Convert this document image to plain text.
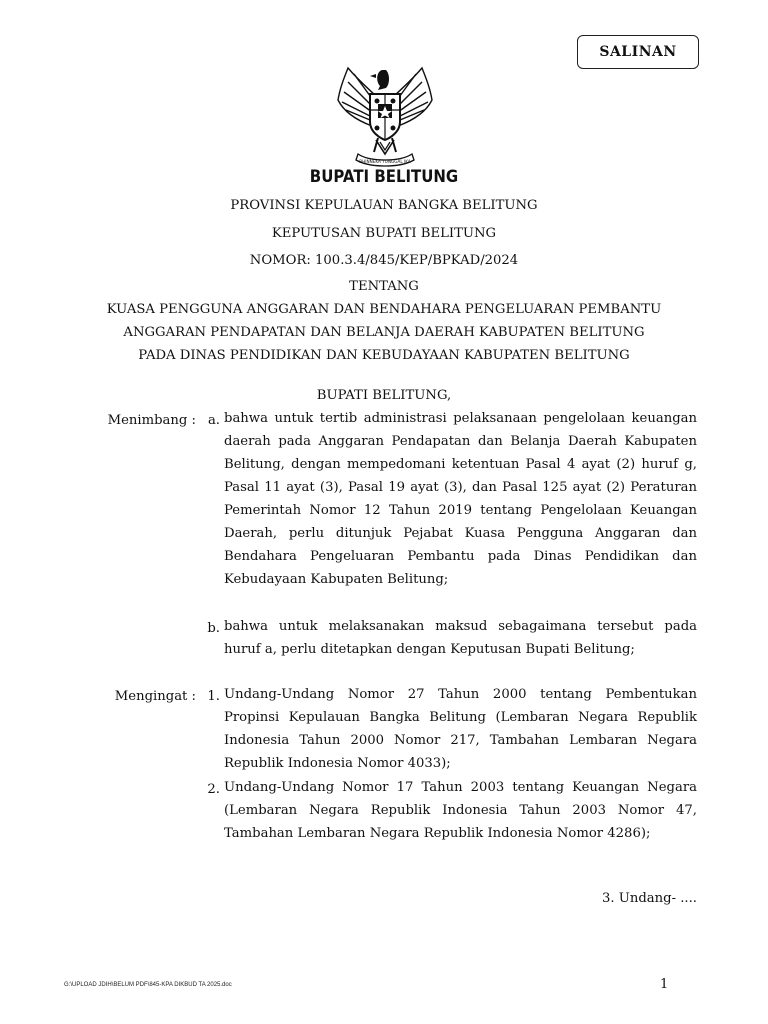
SALINAN
BHINNEKA TUNGGAL IKA
BUPATI BELITUNG
PROVINSI KEPULAUAN BANGKA BELITUNG
KEPUTUSAN BUPATI BELITUNG
NOMOR: 100.3.4/845/KEP/BPKAD/2024
TENTANG
KUASA PENGGUNA ANGGARAN DAN BENDAHARA PENGELUARAN PEMBANTU
ANGGARAN PENDAPATAN DAN BELANJA DAERAH KABUPATEN BELITUNG
PADA DINAS PENDIDIKAN DAN KEBUDAYAAN KABUPATEN BELITUNG
BUPATI BELITUNG,
Menimbang : a. bahwa untuk tertib administrasi pelaksanaan pengelolaan keuangan daerah pada Anggaran Pendapatan dan Belanja Daerah Kabupaten Belitung, dengan mempedomani ketentuan Pasal 4 ayat (2) huruf g, Pasal 11 ayat (3), Pasal 19 ayat (3), dan Pasal 125 ayat (2) Peraturan Pemerintah Nomor 12 Tahun 2019 tentang Pengelolaan Keuangan Daerah, perlu ditunjuk Pejabat Kuasa Pengguna Anggaran dan Bendahara Pengeluaran Pembantu pada Dinas Pendidikan dan Kebudayaan Kabupaten Belitung;
b. bahwa untuk melaksanakan maksud sebagaimana tersebut pada huruf a, perlu ditetapkan dengan Keputusan Bupati Belitung;
Mengingat : 1. Undang-Undang Nomor 27 Tahun 2000 tentang Pembentukan Propinsi Kepulauan Bangka Belitung (Lembaran Negara Republik Indonesia Tahun 2000 Nomor 217, Tambahan Lembaran Negara Republik Indonesia Nomor 4033);
2. Undang-Undang Nomor 17 Tahun 2003 tentang Keuangan Negara (Lembaran Negara Republik Indonesia Tahun 2003 Nomor 47, Tambahan Lembaran Negara Republik Indonesia Nomor 4286);
3. Undang- ....
G:\UPLOAD JDIH\BELUM PDF\845-KPA DIKBUD TA 2025.doc	1
